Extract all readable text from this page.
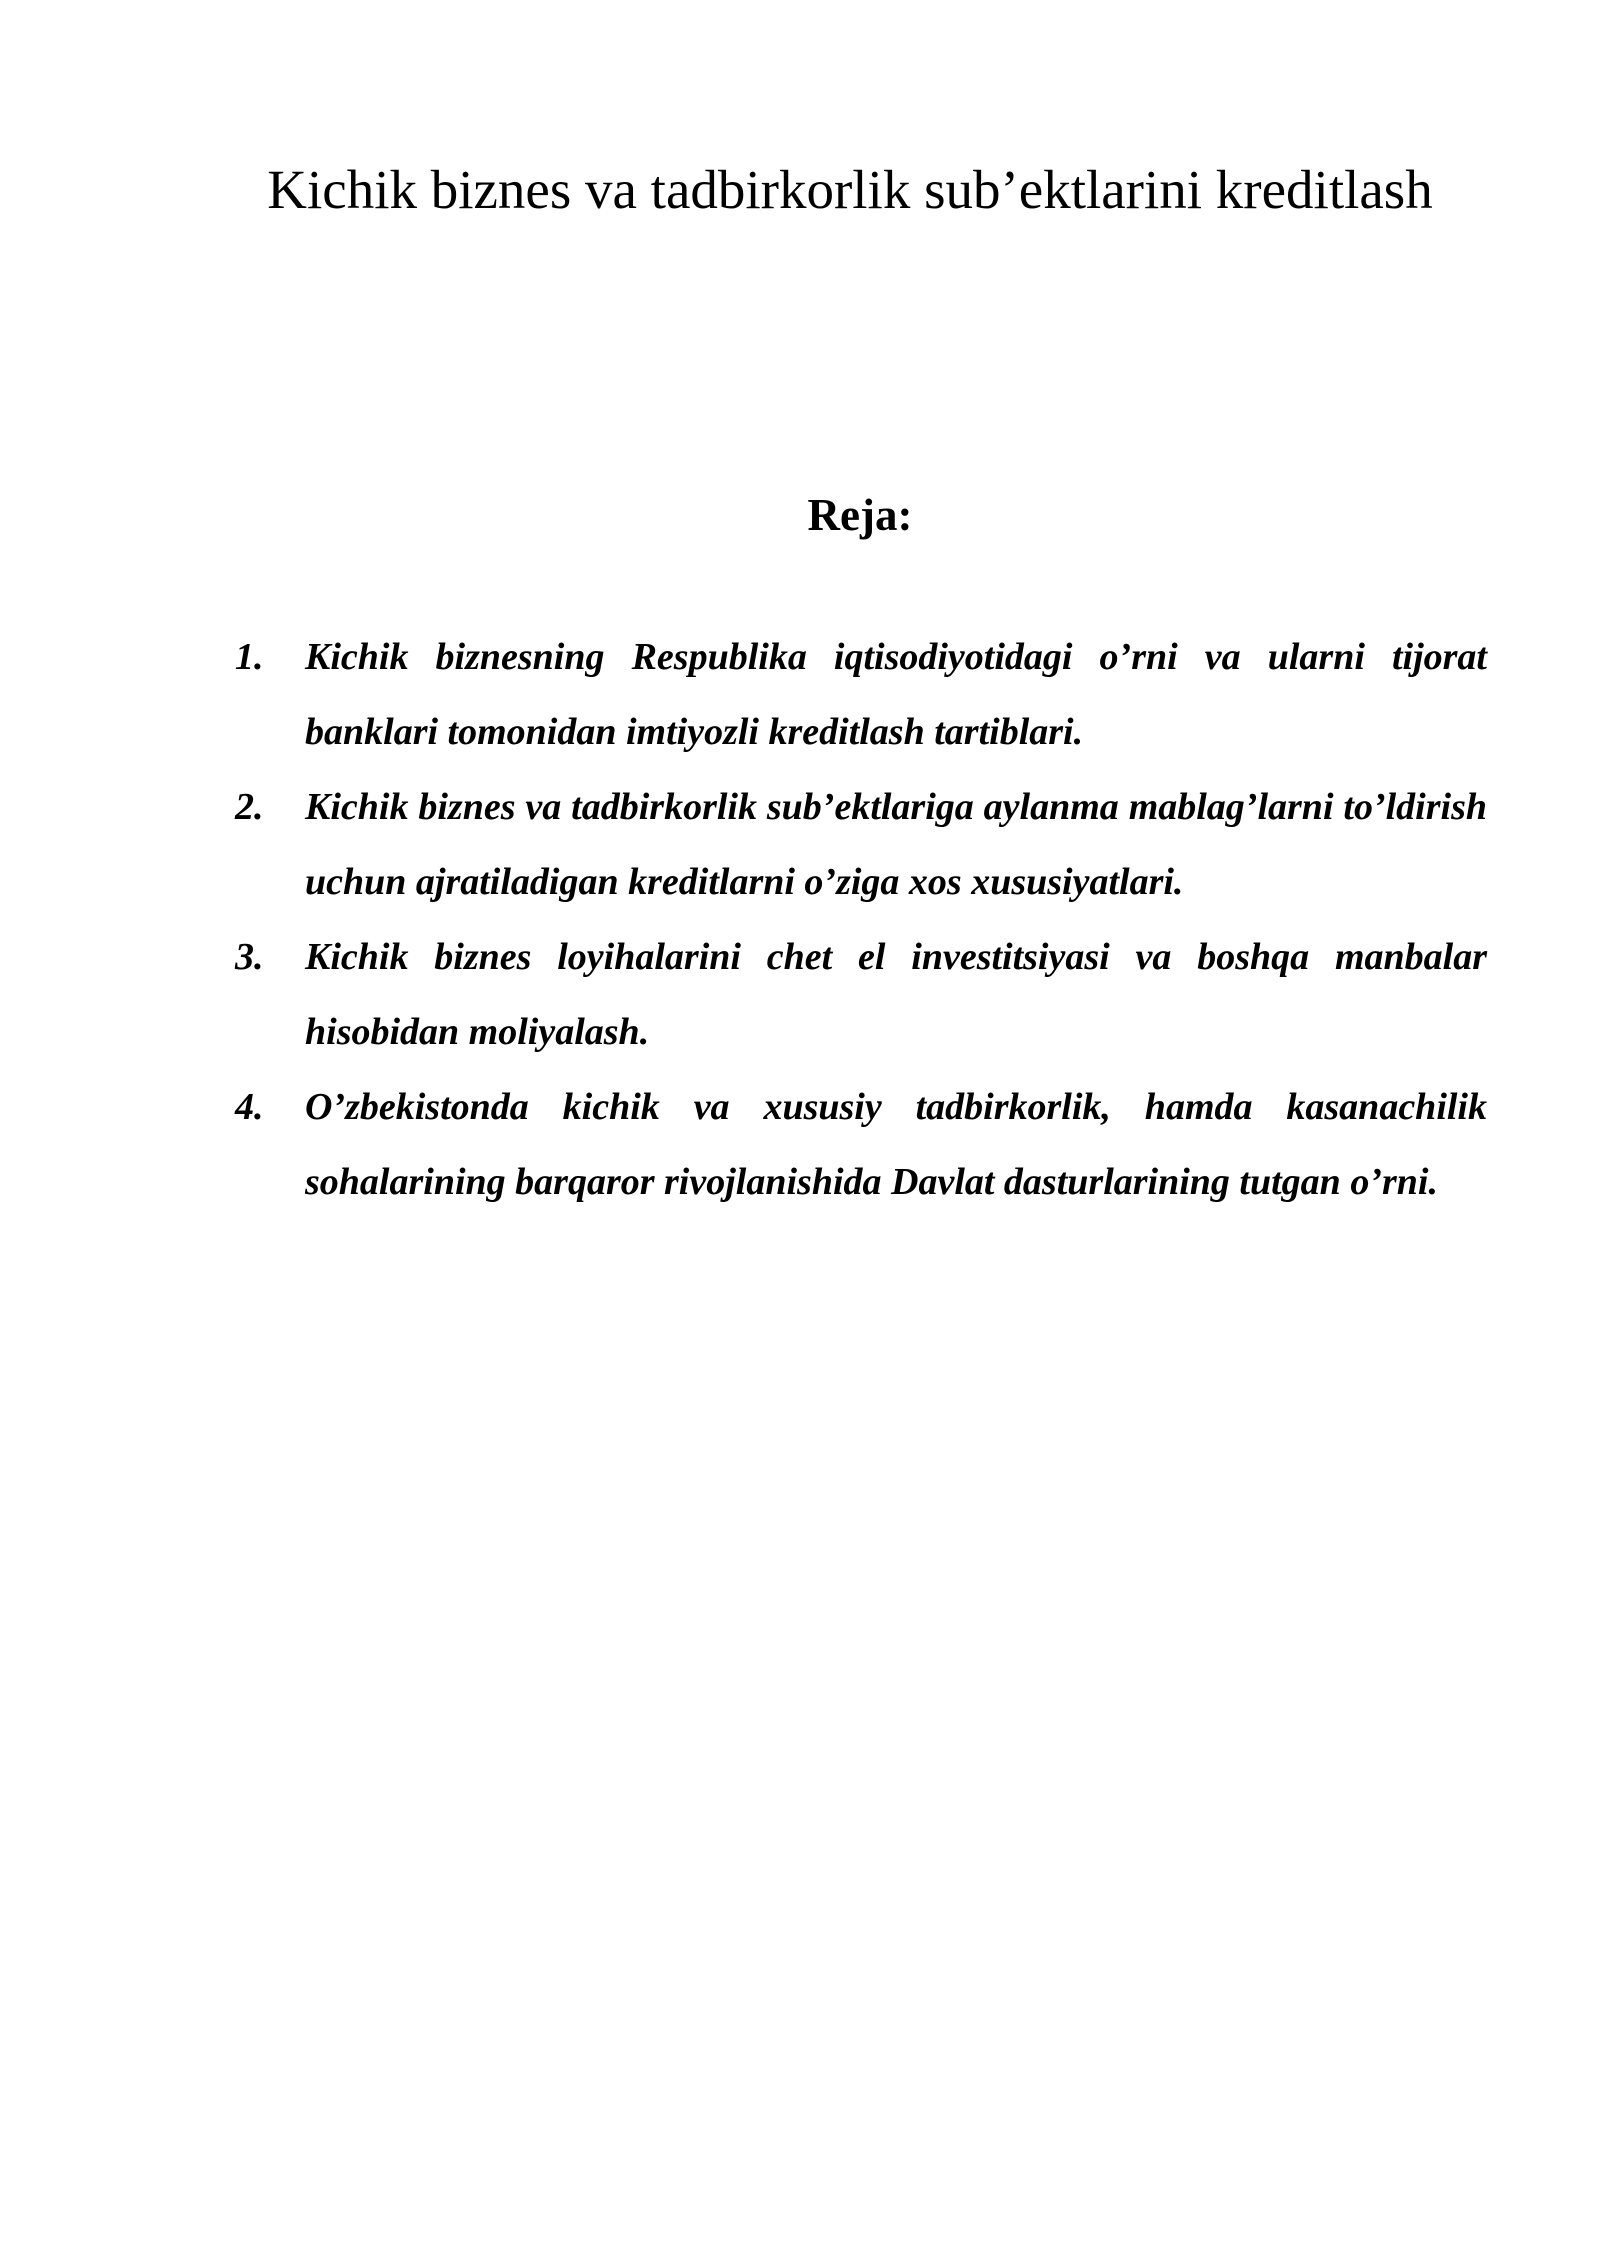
Kichik biznes va tadbirkorlik sub’ektlarini kreditlash
Reja:
1. Kichik biznesning Respublika iqtisodiyotidagi o’rni va ularni tijorat banklari tomonidan imtiyozli kreditlash tartiblari.
2. Kichik biznes va tadbirkorlik sub’ektlariga aylanma mablag’larni to’ldirish uchun ajratiladigan kreditlarni o’ziga xos xususiyatlari.
3. Kichik biznes loyihalarini chet el investitsiyasi va boshqa manbalar hisobidan moliyalash.
4. O’zbekistonda kichik va xususiy tadbirkorlik, hamda kasanachilik sohalarining barqaror rivojlanishida Davlat dasturlarining tutgan o’rni.
